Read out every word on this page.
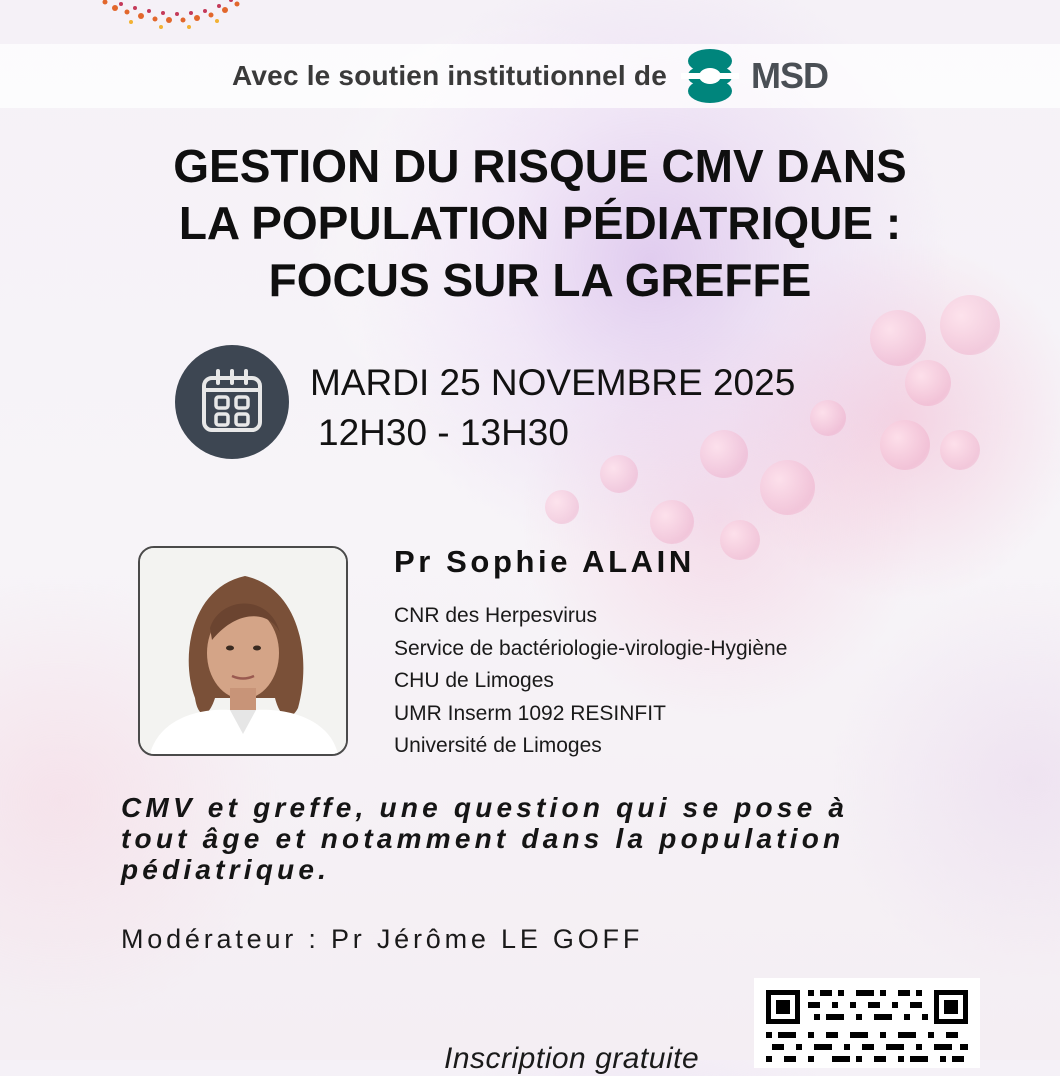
Avec le soutien institutionnel de MSD
GESTION DU RISQUE CMV DANS
LA POPULATION PÉDIATRIQUE :
FOCUS SUR LA GREFFE
MARDI 25 NOVEMBRE 2025
12H30 - 13H30
Pr Sophie ALAIN
CNR des Herpesvirus
Service de bactériologie-virologie-Hygiène
CHU de Limoges
UMR Inserm 1092 RESINFIT
Université de Limoges
CMV et greffe, une question qui se pose à
tout âge et notamment dans la population
pédiatrique.
Modérateur : Pr Jérôme LE GOFF
Inscription gratuite
